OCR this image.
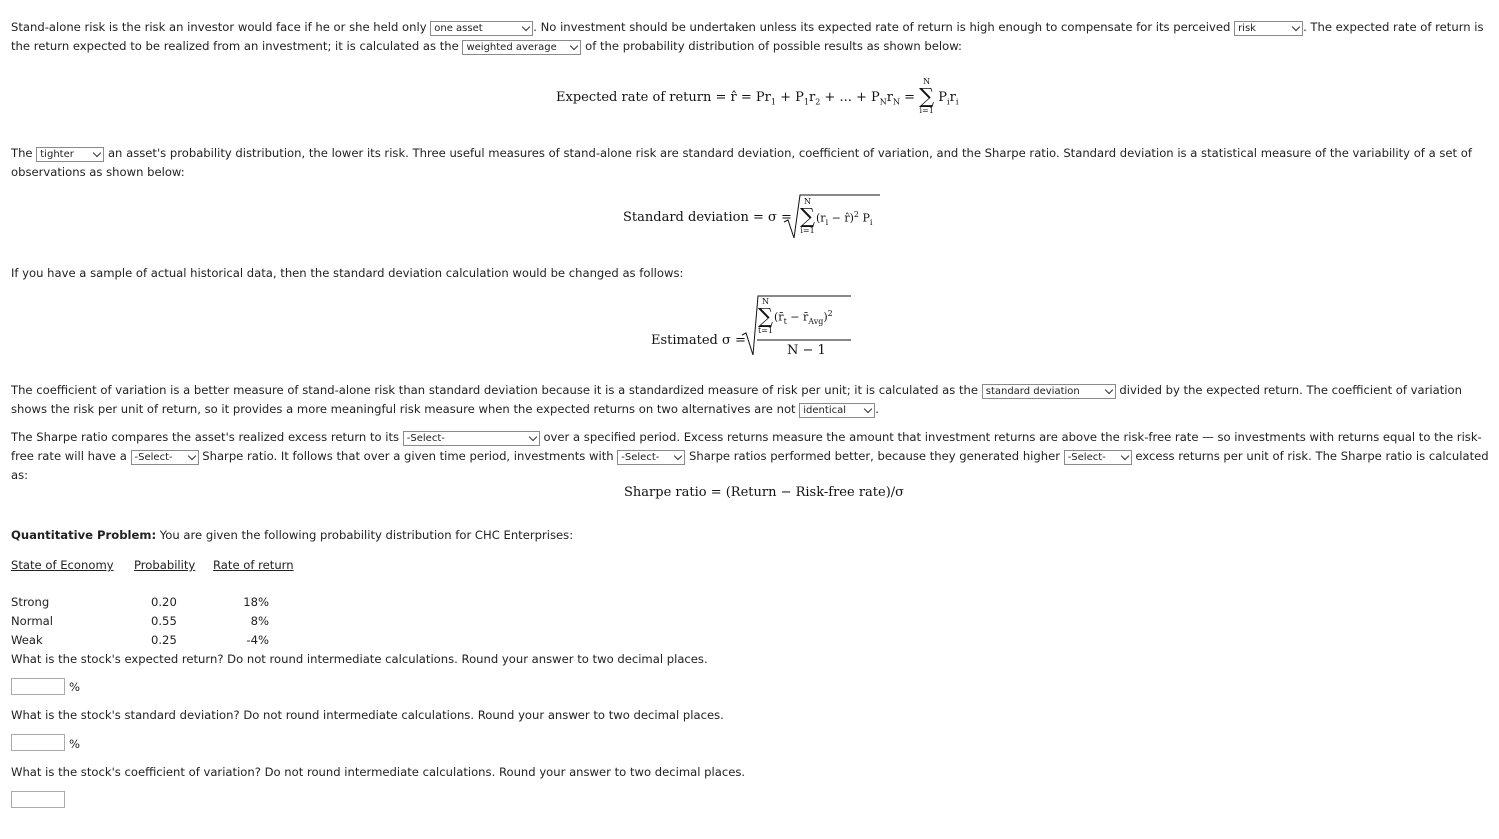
Stand-alone risk is the risk an investor would face if he or she held only one asset	. No investment should be undertaken unless its expected rate of return is high enough to compensate for its perceived risk	. The expected rate of return is the return expected to be realized from an investment; it is calculated as the weighted average of the probability distribution of possible results as shown below:
Expected rate of return = r̂ = $Pr_1 + P_1r_2$ + ... + $P_Nr_N$ =
N
∑
i=1
$P_ir_i$
The tighter	an asset's probability distribution, the lower its risk. Three useful measures of stand-alone risk are standard deviation, coefficient of variation, and the Sharpe ratio. Standard deviation is a statistical measure of the variability of a set of observations as shown below:
Standard deviation = σ =
N
∑
i=1
($r_i$ − r̂)$^2$ $P_i$
If you have a sample of actual historical data, then the standard deviation calculation would be changed as follows:
Estimated σ =
N
∑
t=1
($r̄_t$ − $r̄_{Avg})^2$
N − 1
The coefficient of variation is a better measure of stand-alone risk than standard deviation because it is a standardized measure of risk per unit; it is calculated as the standard deviation	divided by the expected return. The coefficient of variation shows the risk per unit of return, so it provides a more meaningful risk measure when the expected returns on two alternatives are not identical	.
The Sharpe ratio compares the asset's realized excess return to its -Select-	over a specified period. Excess returns measure the amount that investment returns are above the risk-free rate — so investments with returns equal to the risk-free rate will have a -Select-	Sharpe ratio. It follows that over a given time period, investments with -Select-	Sharpe ratios performed better, because they generated higher -Select-	excess returns per unit of risk. The Sharpe ratio is calculated as:
Sharpe ratio = (Return − Risk-free rate)/σ
Quantitative Problem: You are given the following probability distribution for CHC Enterprises:
State of Economy Probability Rate of return
Strong	0.20	18%
Normal	0.55	8%
Weak	0.25	-4%
What is the stock's expected return? Do not round intermediate calculations. Round your answer to two decimal places.
%
What is the stock's standard deviation? Do not round intermediate calculations. Round your answer to two decimal places.
%
What is the stock's coefficient of variation? Do not round intermediate calculations. Round your answer to two decimal places.
